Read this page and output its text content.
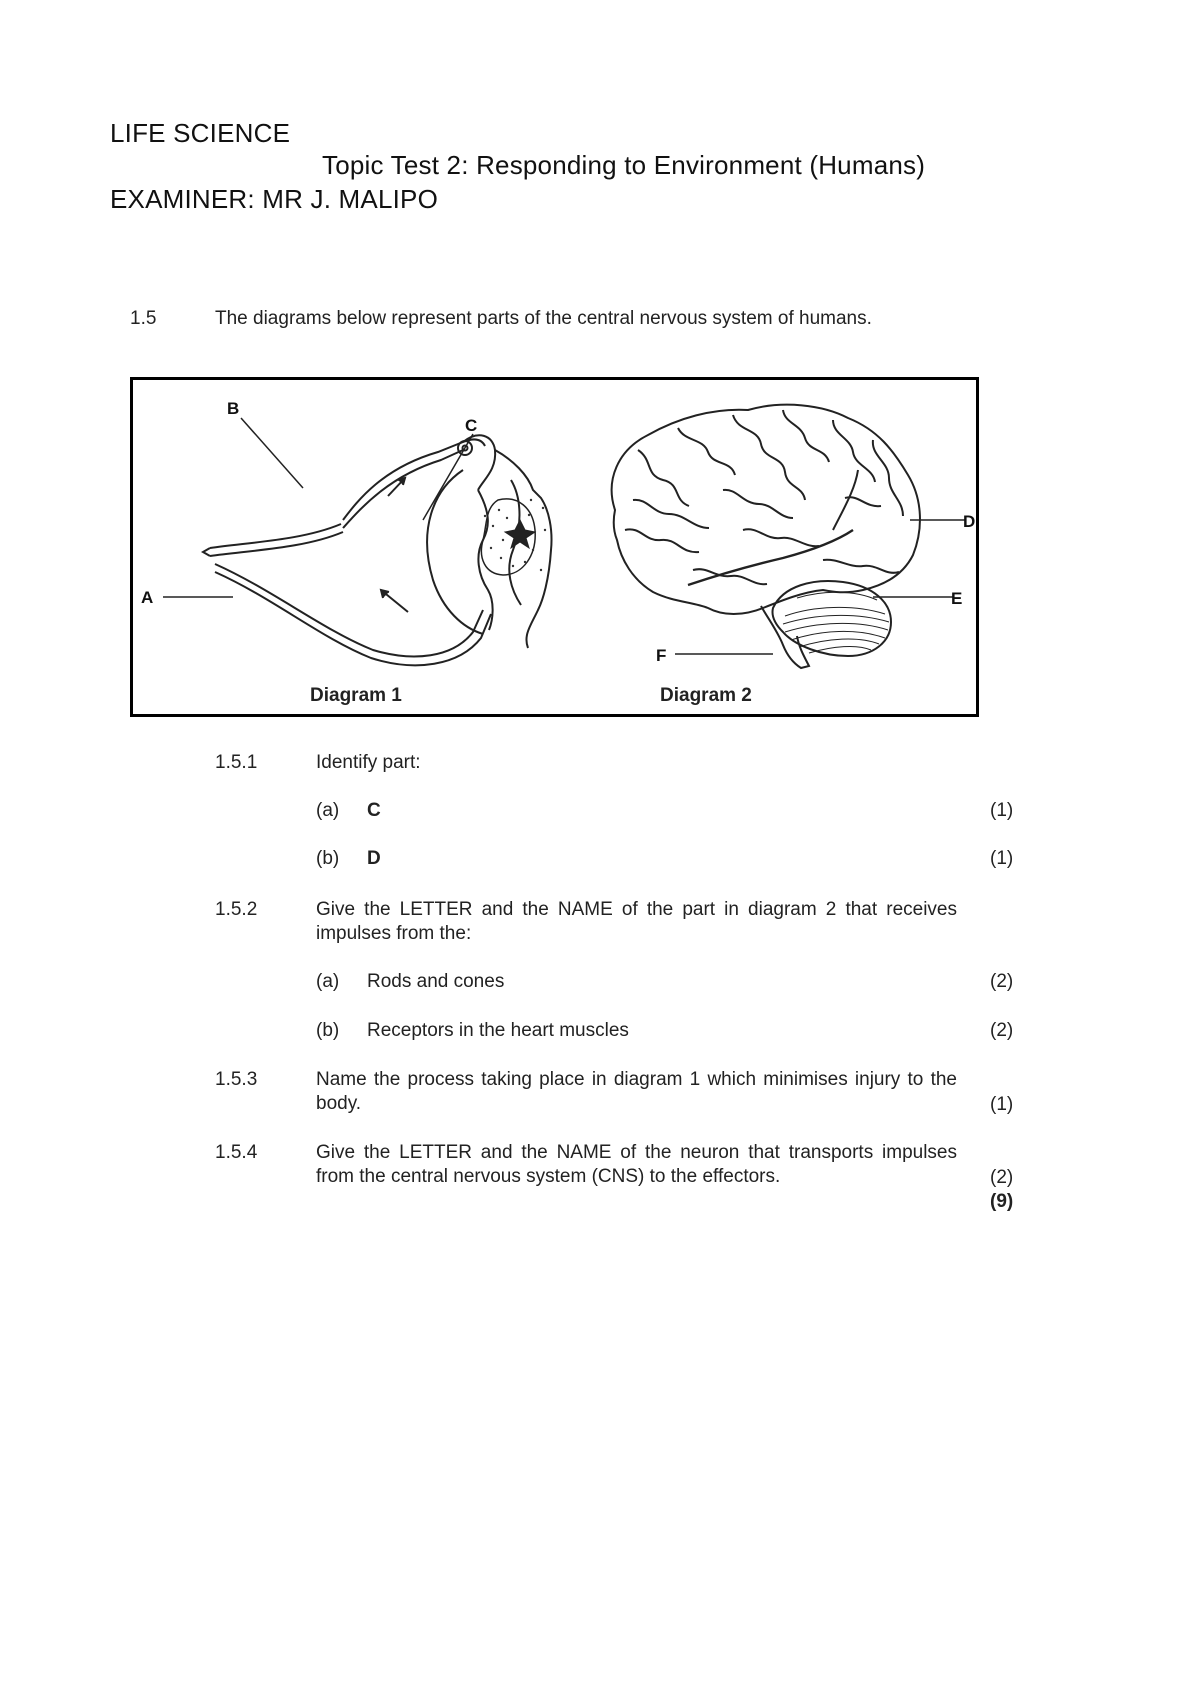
LIFE SCIENCE
Topic Test 2: Responding to Environment (Humans)
EXAMINER: MR J. MALIPO
1.5	The diagrams below represent parts of the central nervous system of humans.
B
C
A
D
E
F
Diagram 1	Diagram 2
1.5.1	Identify part:
(a) C	(1)
(b) D	(1)
1.5.2	Give the LETTER and the NAME of the part in diagram 2 that receives impulses from the:
(a) Rods and cones	(2)
(b) Receptors in the heart muscles	(2)
1.5.3	Name the process taking place in diagram 1 which minimises injury to the body.	(1)
1.5.4	Give the LETTER and the NAME of the neuron that transports impulses from the central nervous system (CNS) to the effectors.	(2)
(9)
